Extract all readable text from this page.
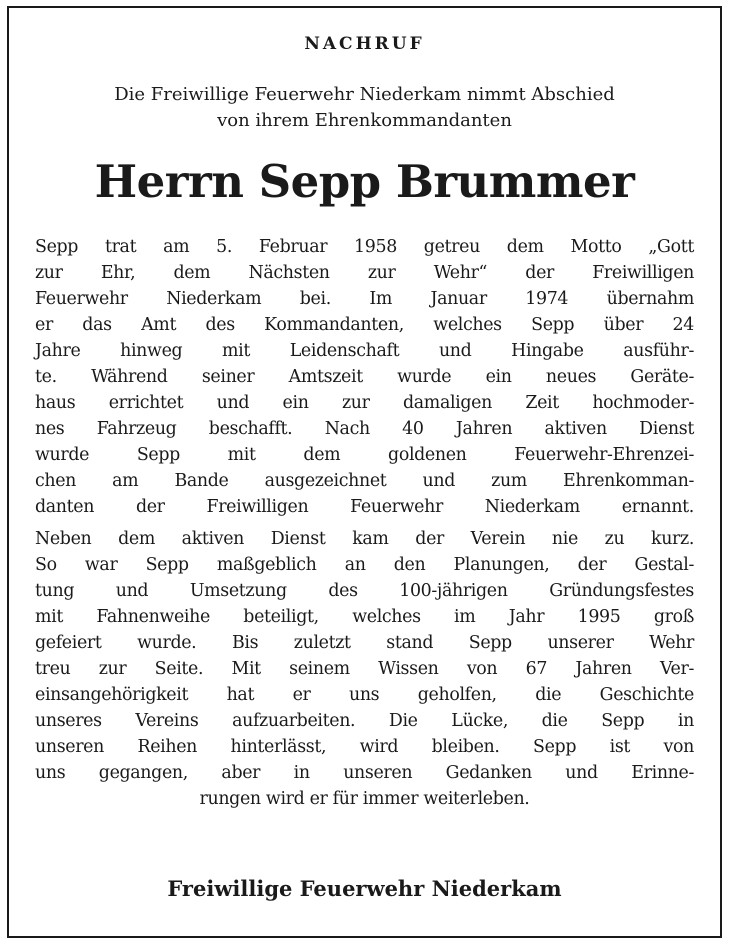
NACHRUF
Die Freiwillige Feuerwehr Niederkam nimmt Abschied
von ihrem Ehrenkommandanten
Herrn Sepp Brummer
Sepp trat am 5. Februar 1958 getreu dem Motto „Gott
zur Ehr, dem Nächsten zur Wehr“ der Freiwilligen
Feuerwehr Niederkam bei. Im Januar 1974 übernahm
er das Amt des Kommandanten, welches Sepp über 24
Jahre hinweg mit Leidenschaft und Hingabe ausführ-
te. Während seiner Amtszeit wurde ein neues Geräte-
haus errichtet und ein zur damaligen Zeit hochmoder-
nes Fahrzeug beschafft. Nach 40 Jahren aktiven Dienst
wurde Sepp mit dem goldenen Feuerwehr-Ehrenzei-
chen am Bande ausgezeichnet und zum Ehrenkomman-
danten der Freiwilligen Feuerwehr Niederkam ernannt.
Neben dem aktiven Dienst kam der Verein nie zu kurz.
So war Sepp maßgeblich an den Planungen, der Gestal-
tung und Umsetzung des 100-jährigen Gründungsfestes
mit Fahnenweihe beteiligt, welches im Jahr 1995 groß
gefeiert wurde. Bis zuletzt stand Sepp unserer Wehr
treu zur Seite. Mit seinem Wissen von 67 Jahren Ver-
einsangehörigkeit hat er uns geholfen, die Geschichte
unseres Vereins aufzuarbeiten. Die Lücke, die Sepp in
unseren Reihen hinterlässt, wird bleiben. Sepp ist von
uns gegangen, aber in unseren Gedanken und Erinne-
rungen wird er für immer weiterleben.
Freiwillige Feuerwehr Niederkam
